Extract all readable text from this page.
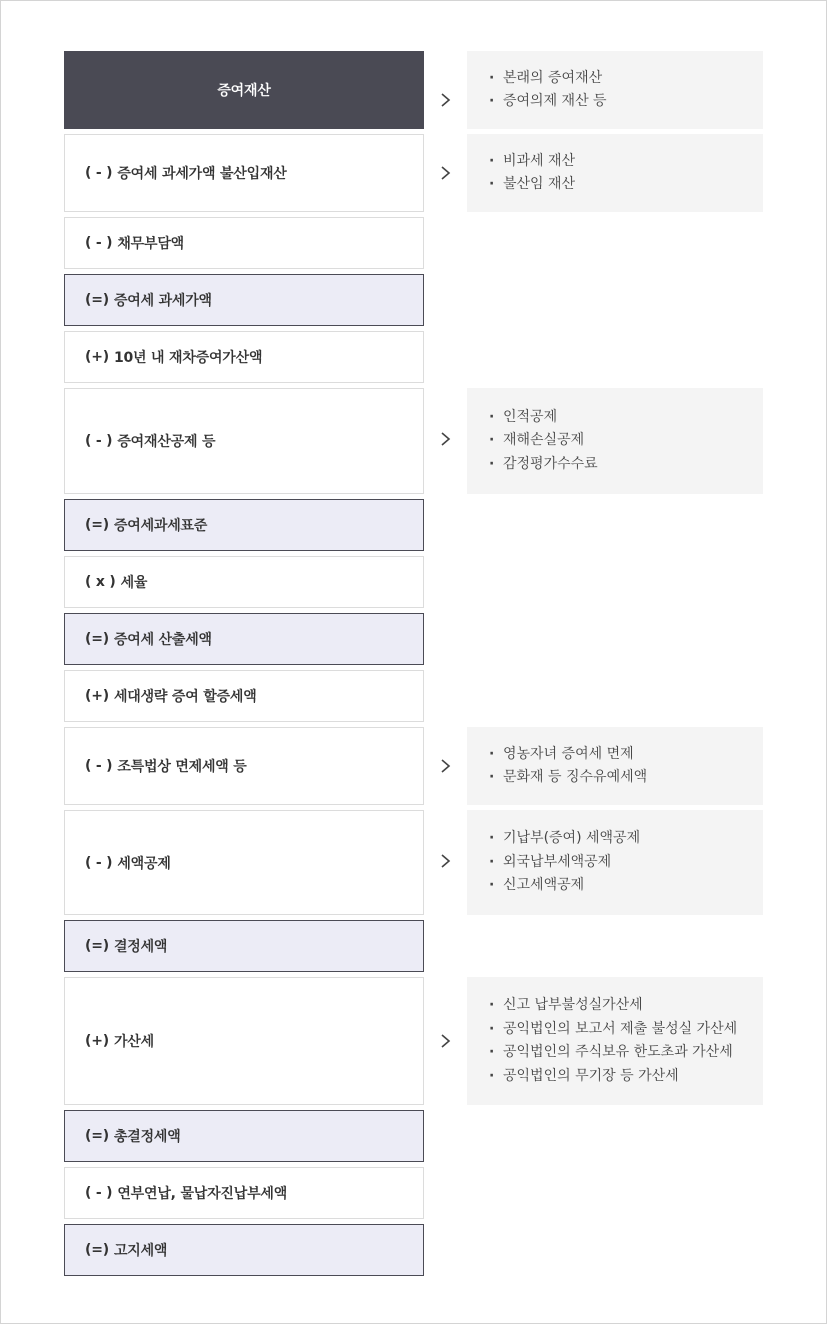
증여재산
( - ) 증여세 과세가액 불산입재산
( - ) 채무부담액
(=) 증여세 과세가액
(+) 10년 내 재차증여가산액
( - ) 증여재산공제 등
(=) 증여세과세표준
( x ) 세율
(=) 증여세 산출세액
(+) 세대생략 증여 할증세액
( - ) 조특법상 면제세액 등
( - ) 세액공제
(=) 결정세액
(+) 가산세
(=) 총결정세액
( - ) 연부연납, 물납자진납부세액
(=) 고지세액
· 본래의 증여재산
· 증여의제 재산 등
· 비과세 재산
· 불산임 재산
· 인적공제
· 재해손실공제
· 감정평가수수료
· 영농자녀 증여세 면제
· 문화재 등 징수유예세액
· 기납부(증여) 세액공제
· 외국납부세액공제
· 신고세액공제
· 신고 납부불성실가산세
· 공익법인의 보고서 제출 불성실 가산세
· 공익법인의 주식보유 한도초과 가산세
· 공익법인의 무기장 등 가산세
